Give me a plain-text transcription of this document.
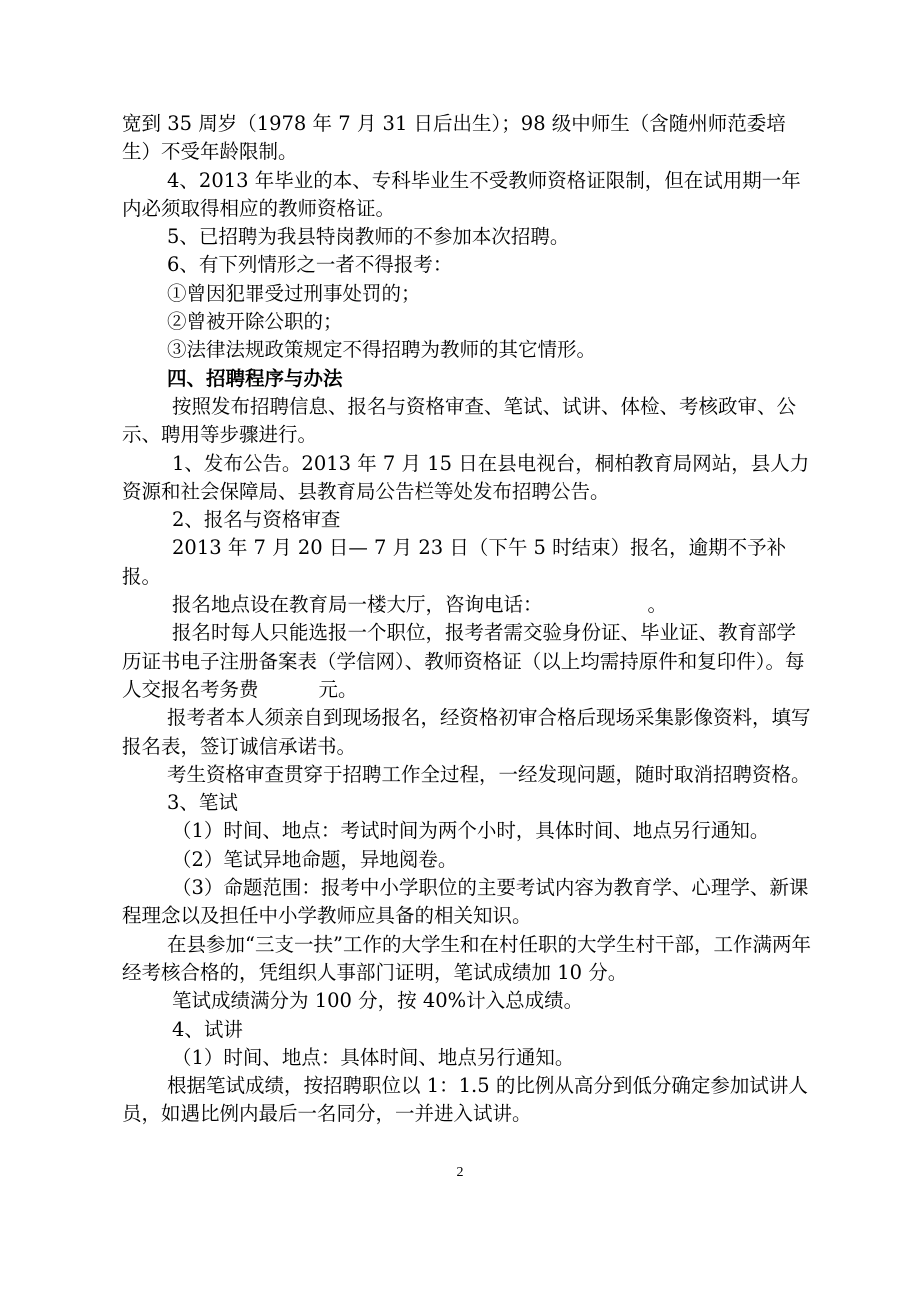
宽到 35 周岁（1978 年 7 月 31 日后出生）；98 级中师生（含随州师范委培生）不受年龄限制。

4、2013 年毕业的本、专科毕业生不受教师资格证限制，但在试用期一年内必须取得相应的教师资格证。

5、已招聘为我县特岗教师的不参加本次招聘。

6、有下列情形之一者不得报考：

①曾因犯罪受过刑事处罚的；

②曾被开除公职的；

③法律法规政策规定不得招聘为教师的其它情形。

四、招聘程序与办法

按照发布招聘信息、报名与资格审查、笔试、试讲、体检、考核政审、公示、聘用等步骤进行。

1、发布公告。2013 年 7 月 15 日在县电视台，桐柏教育局网站，县人力资源和社会保障局、县教育局公告栏等处发布招聘公告。

2、报名与资格审查

2013 年 7 月 20 日— 7 月 23 日（下午 5 时结束）报名，逾期不予补报。

报名地点设在教育局一楼大厅，咨询电话：	。

报名时每人只能选报一个职位，报考者需交验身份证、毕业证、教育部学历证书电子注册备案表（学信网）、教师资格证（以上均需持原件和复印件）。每人交报名考务费	元。

报考者本人须亲自到现场报名，经资格初审合格后现场采集影像资料，填写报名表，签订诚信承诺书。

考生资格审查贯穿于招聘工作全过程，一经发现问题，随时取消招聘资格。

3、笔试

（1）时间、地点：考试时间为两个小时，具体时间、地点另行通知。

（2）笔试异地命题，异地阅卷。

（3）命题范围：报考中小学职位的主要考试内容为教育学、心理学、新课程理念以及担任中小学教师应具备的相关知识。

在县参加“三支一扶”工作的大学生和在村任职的大学生村干部，工作满两年经考核合格的，凭组织人事部门证明，笔试成绩加 10 分。

笔试成绩满分为 100 分，按 40%计入总成绩。

4、试讲

（1）时间、地点：具体时间、地点另行通知。

根据笔试成绩，按招聘职位以 1：1.5 的比例从高分到低分确定参加试讲人员，如遇比例内最后一名同分，一并进入试讲。

2
